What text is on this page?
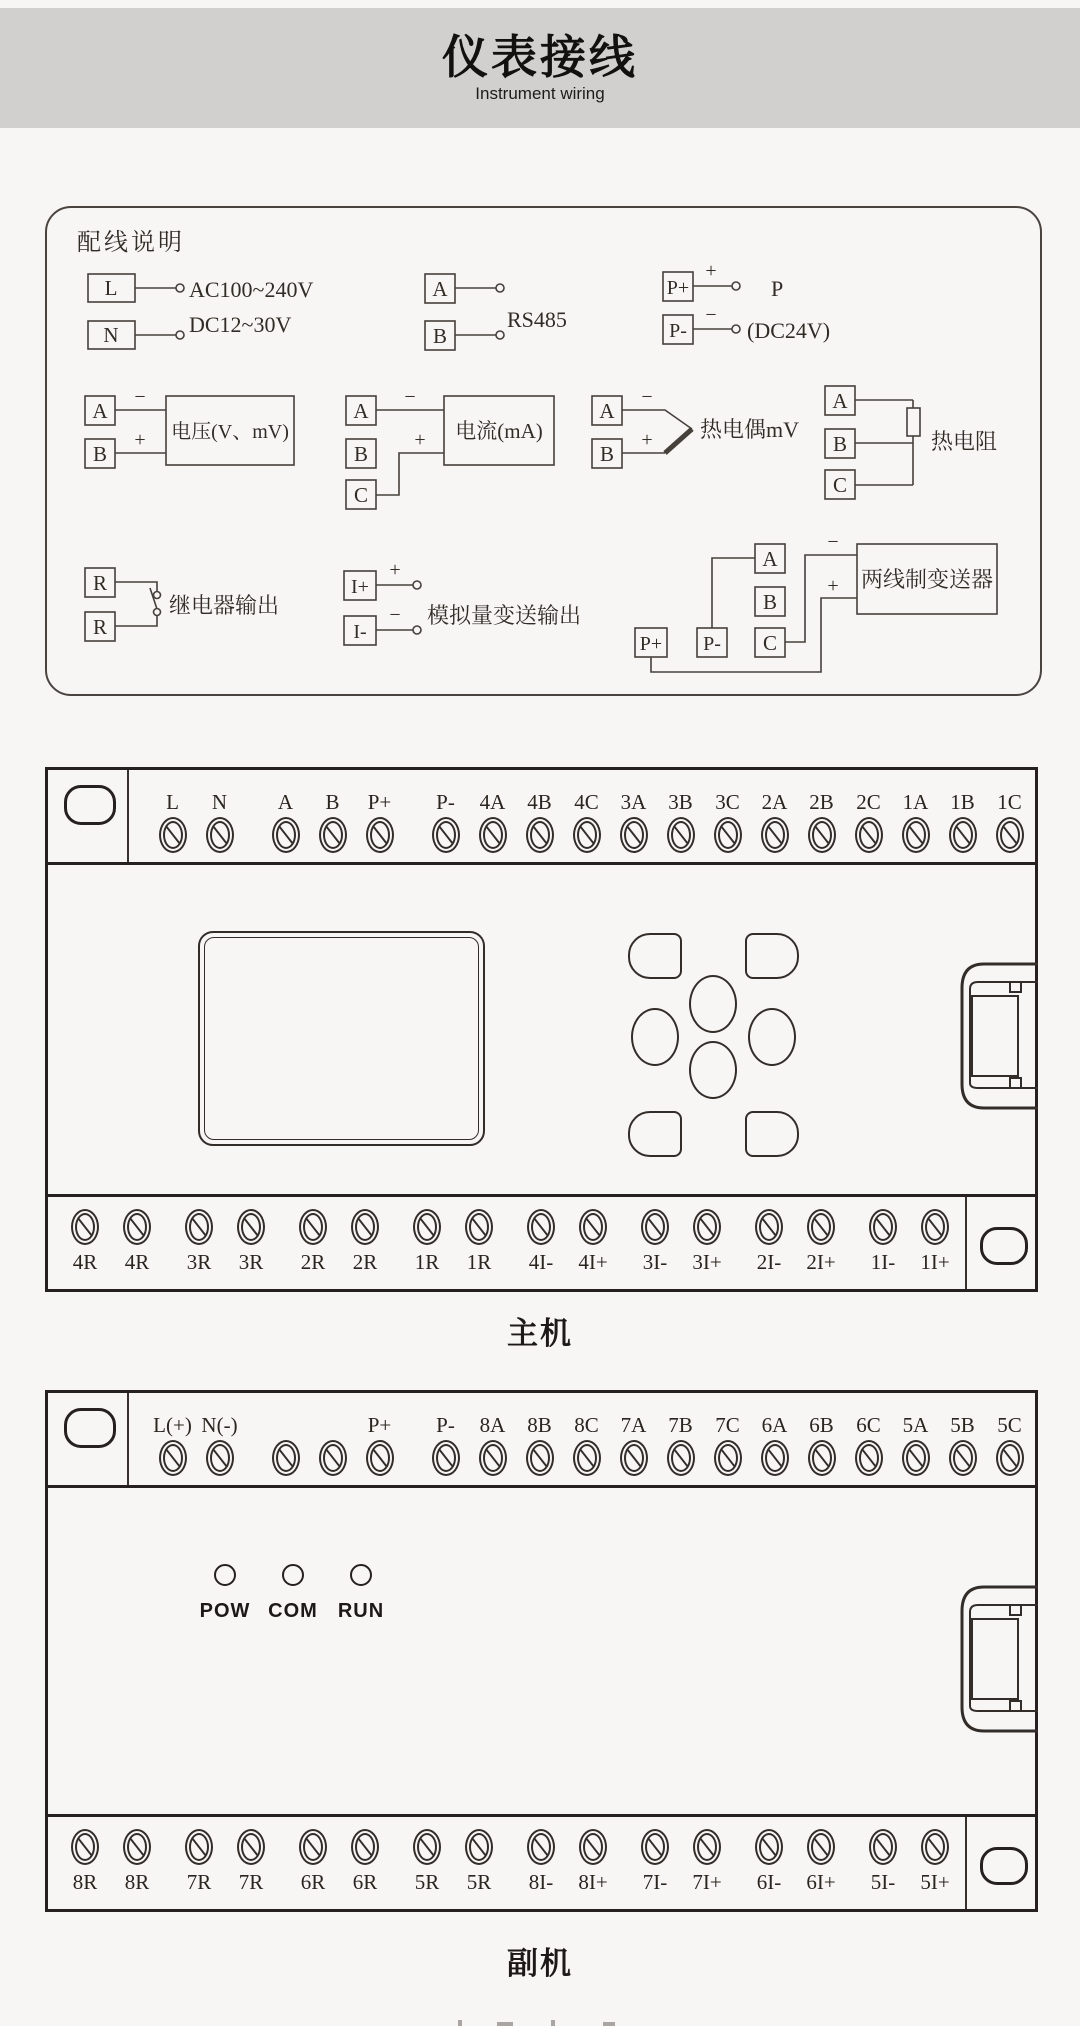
仪表接线
Instrument wiring
配线说明
L
N
AC100~240V
DC12~30V
A
B
RS485
P+
P-
+
−
P
(DC24V)
A
B
−
+ 电压(V、mV)
A
B
C
−
+ 电流(mA)
A
B
−
+ 热电偶mV
A
B
C
热电阻
R
R
继电器输出
I+
I-
+
− 模拟量变送输出
A
B
C
P+ P-
−
+ 两线制变送器
L N A B P+ P- 4A 4B 4C 3A 3B 3C 2A 2B 2C 1A 1B 1C
4R 4R 3R 3R 2R 2R 1R 1R 4I- 4I+ 3I- 3I+ 2I- 2I+ 1I- 1I+
主机
L(+) N(-)	P+ P- 8A 8B 8C 7A 7B 7C 6A 6B 6C 5A 5B 5C
POW COM RUN
8R 8R 7R 7R 6R 6R 5R 5R 8I- 8I+ 7I- 7I+ 6I- 6I+ 5I- 5I+
副机
